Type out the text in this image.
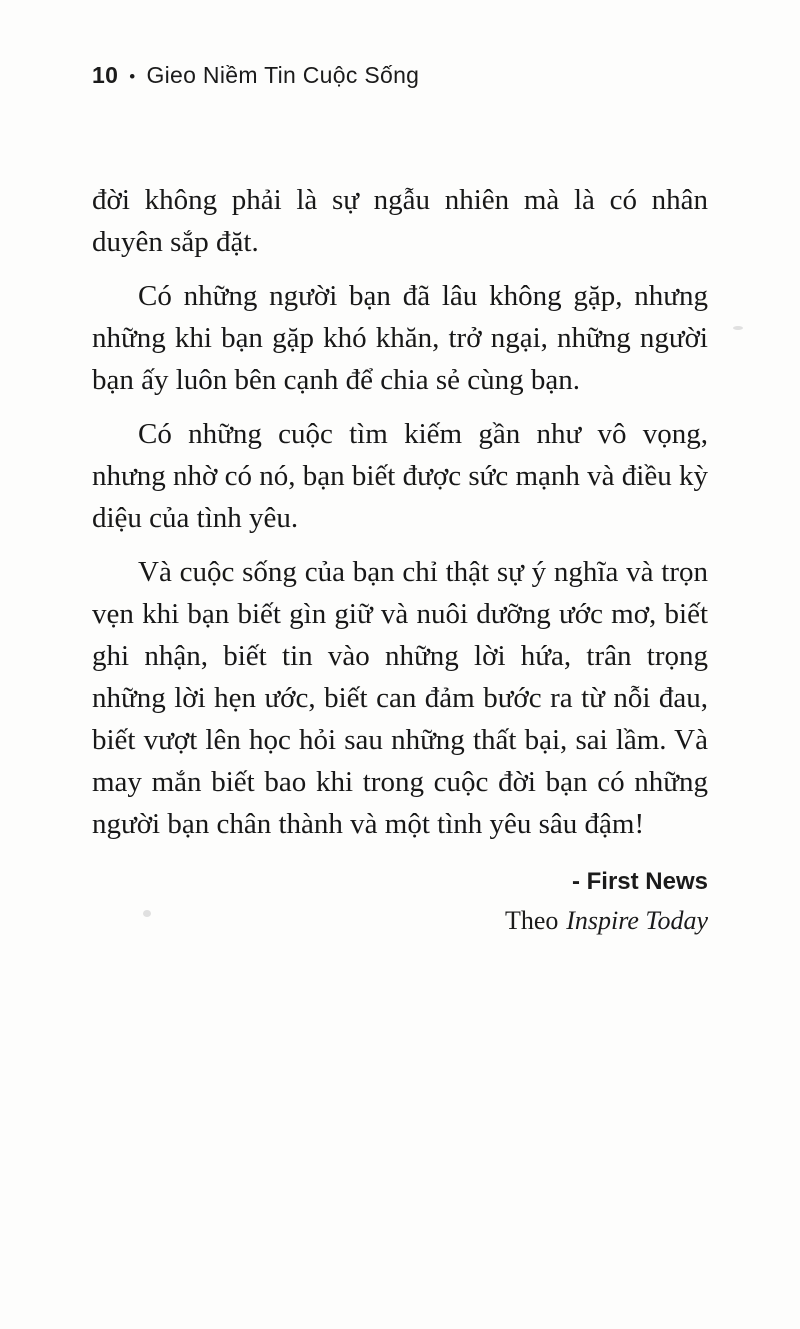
10 • Gieo Niềm Tin Cuộc Sống

đời không phải là sự ngẫu nhiên mà là có nhân duyên sắp đặt.

Có những người bạn đã lâu không gặp, nhưng những khi bạn gặp khó khăn, trở ngại, những người bạn ấy luôn bên cạnh để chia sẻ cùng bạn.

Có những cuộc tìm kiếm gần như vô vọng, nhưng nhờ có nó, bạn biết được sức mạnh và điều kỳ diệu của tình yêu.

Và cuộc sống của bạn chỉ thật sự ý nghĩa và trọn vẹn khi bạn biết gìn giữ và nuôi dưỡng ước mơ, biết ghi nhận, biết tin vào những lời hứa, trân trọng những lời hẹn ước, biết can đảm bước ra từ nỗi đau, biết vượt lên học hỏi sau những thất bại, sai lầm. Và may mắn biết bao khi trong cuộc đời bạn có những người bạn chân thành và một tình yêu sâu đậm!

- First News
Theo Inspire Today
